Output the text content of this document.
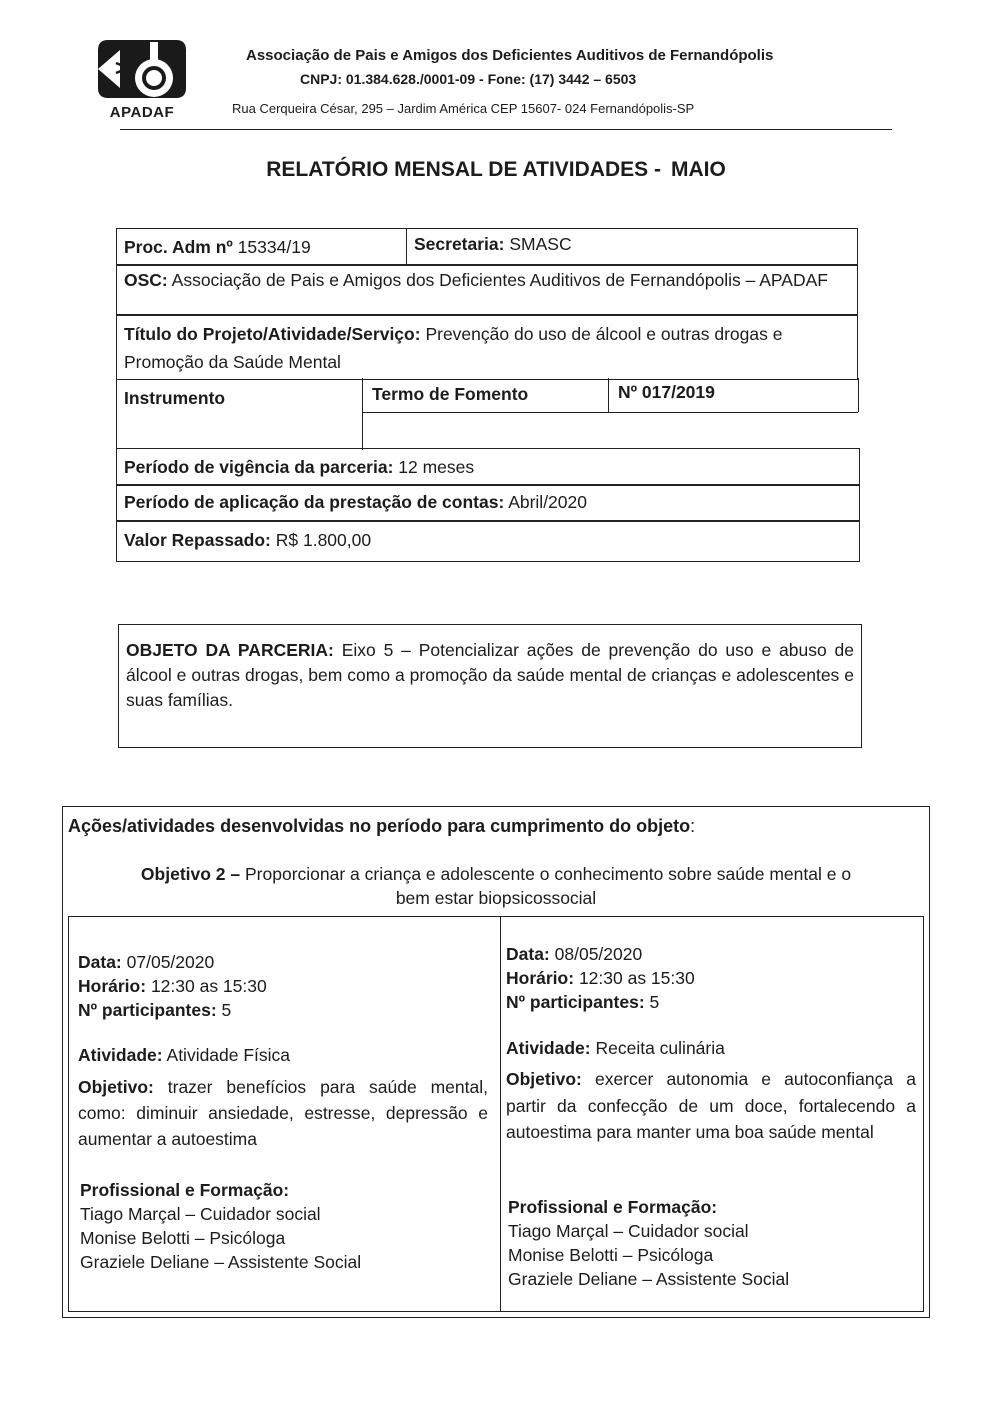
APADAF
Associação de Pais e Amigos dos Deficientes Auditivos de Fernandópolis
CNPJ: 01.384.628./0001-09 - Fone: (17) 3442 – 6503
Rua Cerqueira César, 295 – Jardim América CEP 15607- 024 Fernandópolis-SP
RELATÓRIO MENSAL DE ATIVIDADES - MAIO
Proc. Adm nº 15334/19	Secretaria: SMASC
OSC: Associação de Pais e Amigos dos Deficientes Auditivos de Fernandópolis – APADAF
Título do Projeto/Atividade/Serviço: Prevenção do uso de álcool e outras drogas e Promoção da Saúde Mental
Instrumento	Termo de Fomento	Nº 017/2019
Período de vigência da parceria: 12 meses
Período de aplicação da prestação de contas: Abril/2020
Valor Repassado: R$ 1.800,00
OBJETO DA PARCERIA: Eixo 5 – Potencializar ações de prevenção do uso e abuso de álcool e outras drogas, bem como a promoção da saúde mental de crianças e adolescentes e suas famílias.
Ações/atividades desenvolvidas no período para cumprimento do objeto:
Objetivo 2 – Proporcionar a criança e adolescente o conhecimento sobre saúde mental e o
bem estar biopsicossocial
Data: 07/05/2020
Horário: 12:30 as 15:30
Nº participantes: 5
Atividade: Atividade Física
Objetivo: trazer benefícios para saúde mental, como: diminuir ansiedade, estresse, depressão e aumentar a autoestima
Profissional e Formação:
Tiago Marçal – Cuidador social
Monise Belotti – Psicóloga
Graziele Deliane – Assistente Social
Data: 08/05/2020
Horário: 12:30 as 15:30
Nº participantes: 5
Atividade: Receita culinária
Objetivo: exercer autonomia e autoconfiança a partir da confecção de um doce, fortalecendo a autoestima para manter uma boa saúde mental
Profissional e Formação:
Tiago Marçal – Cuidador social
Monise Belotti – Psicóloga
Graziele Deliane – Assistente Social
